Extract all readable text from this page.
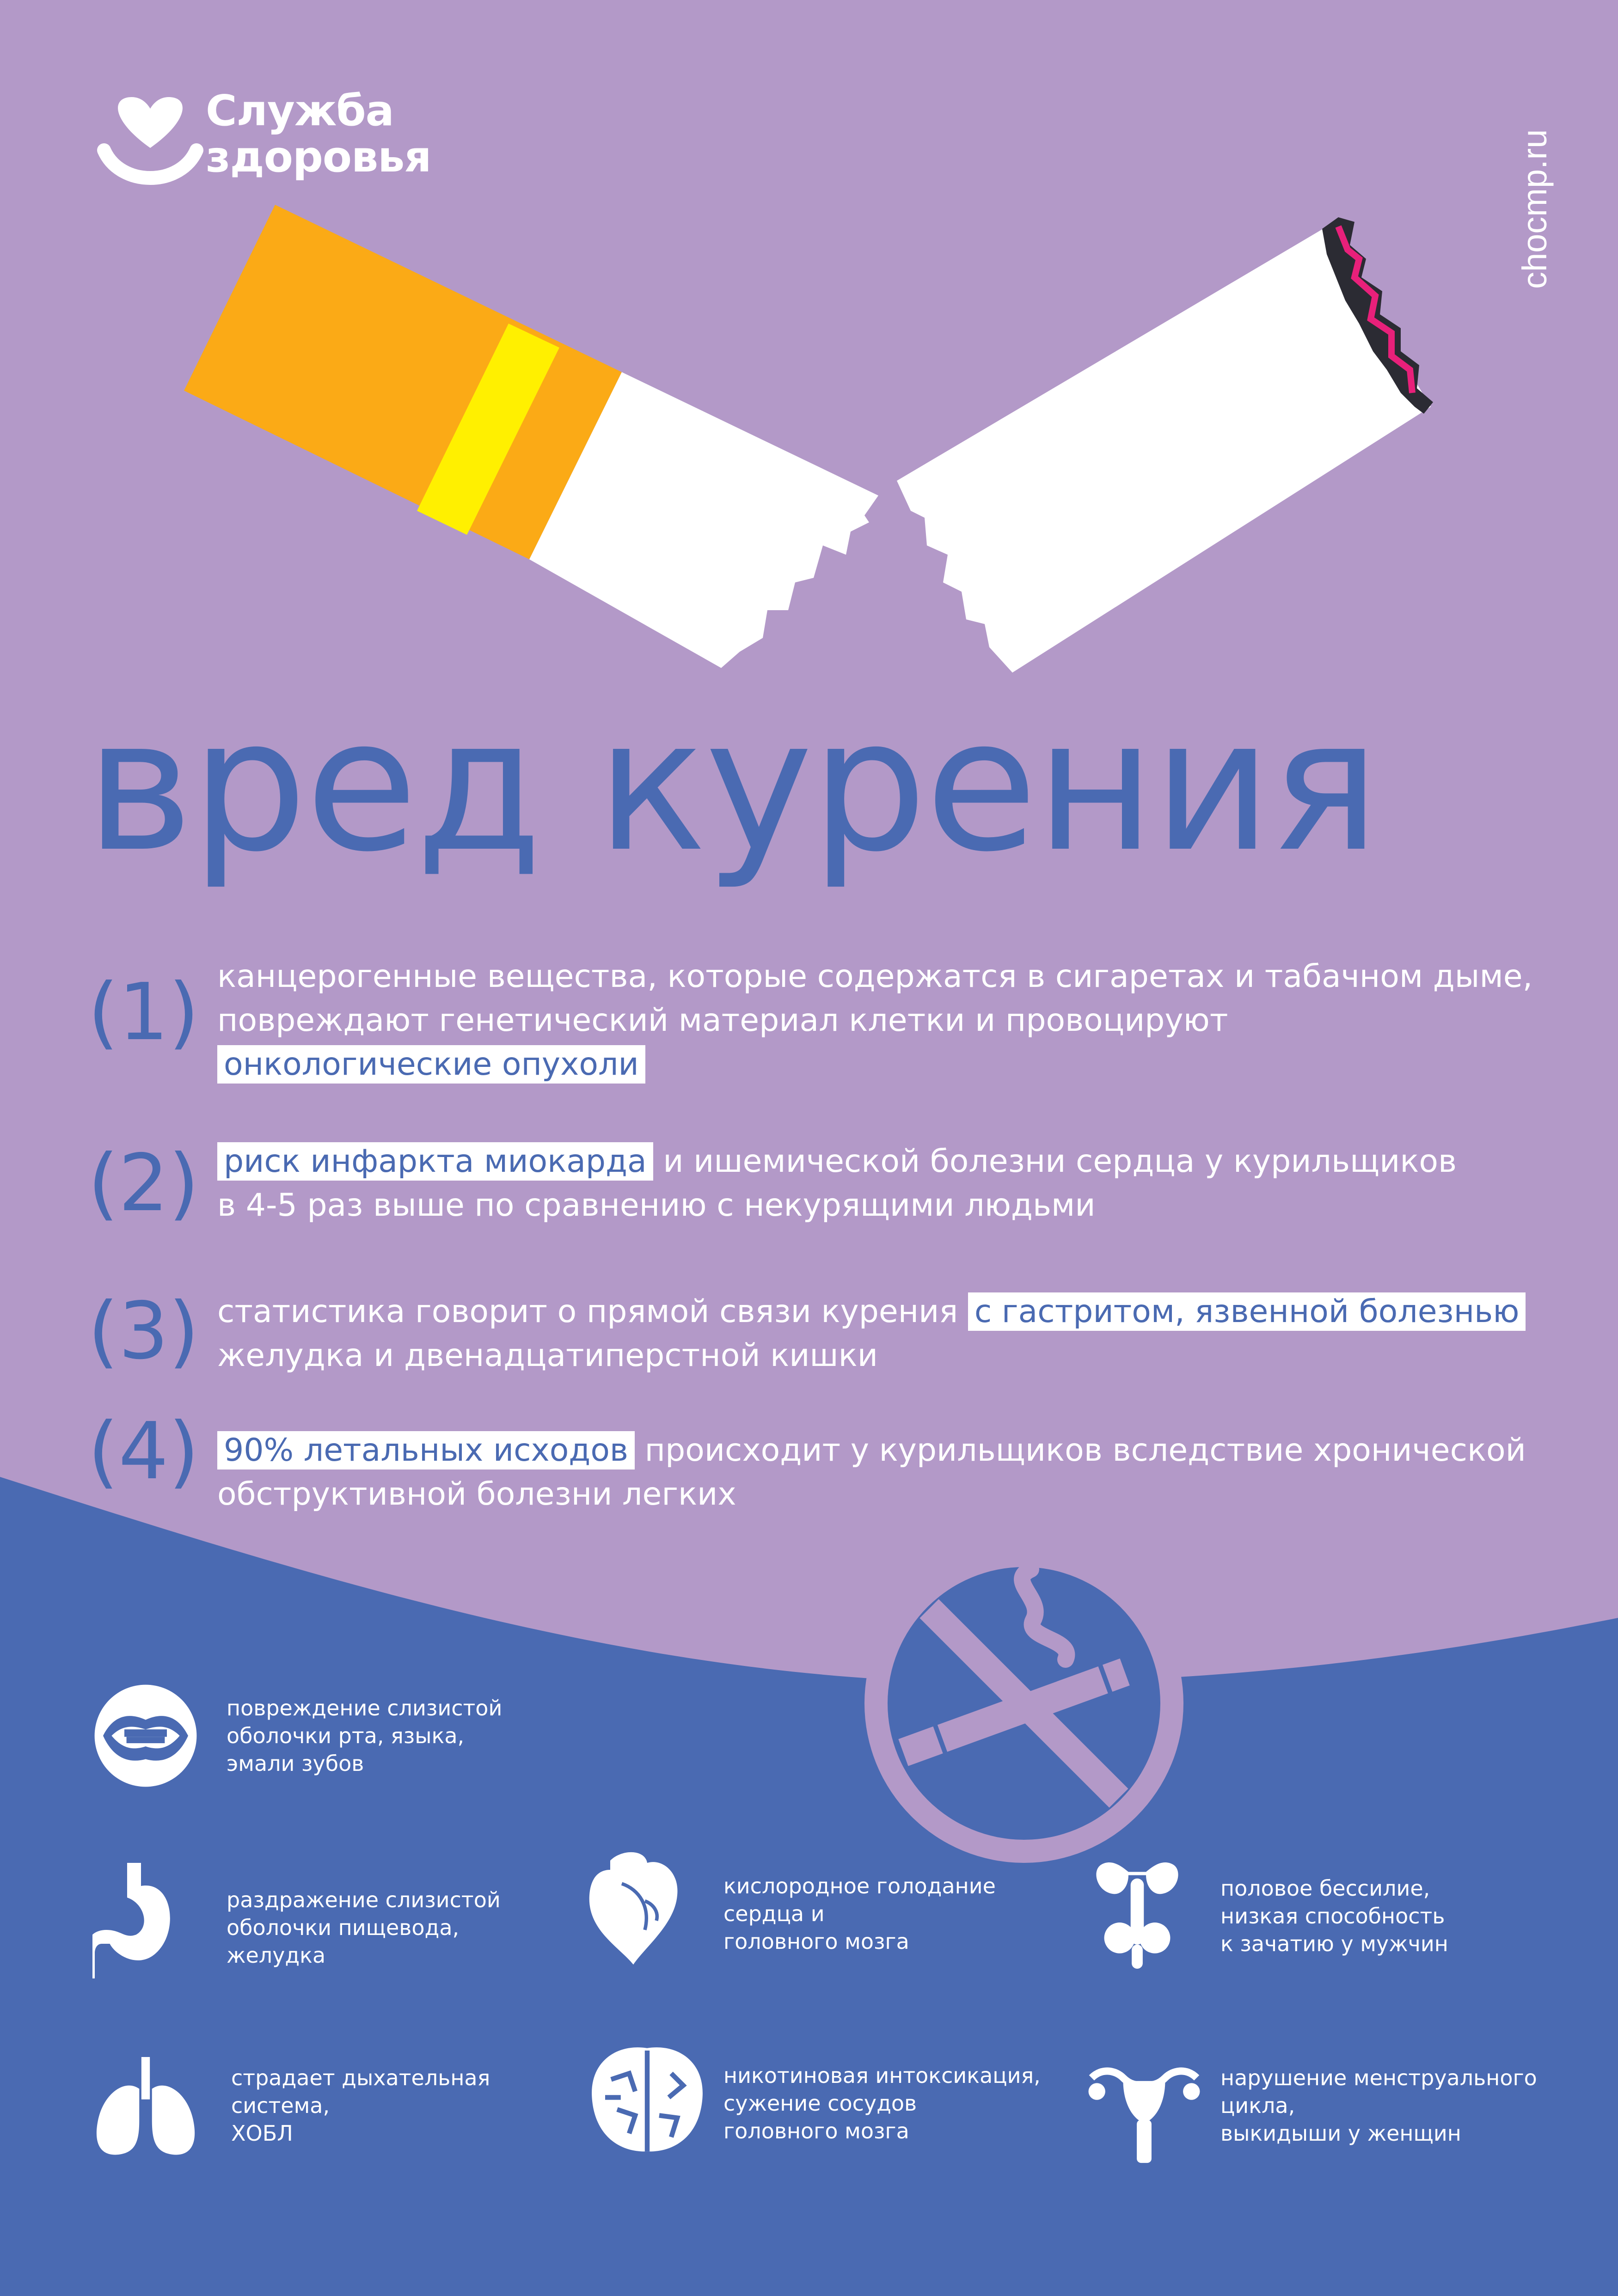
Служба
здоровья	chocmp.ru
вред курения
(1) канцерогенные вещества, которые содержатся в сигаретах и табачном дыме,
повреждают генетический материал клетки и провоцируют
онкологические опухоли
(2) риск инфаркта миокарда и ишемической болезни сердца у курильщиков
в 4-5 раз выше по сравнению с некурящими людьми
(3) статистика говорит о прямой связи курения с гастритом, язвенной болезнью
желудка и двенадцатиперстной кишки
(4) 90% летальных исходов происходит у курильщиков вследствие хронической
обструктивной болезни легких
повреждение слизистой
оболочки рта, языка,
эмали зубов
раздражение слизистой
оболочки пищевода,
желудка
страдает дыхательная
система,
ХОБЛ
кислородное голодание
сердца и
головного мозга
никотиновая интоксикация,
сужение сосудов
головного мозга
половое бессилие,
низкая способность
к зачатию у мужчин
нарушение менструального
цикла,
выкидыши у женщин
